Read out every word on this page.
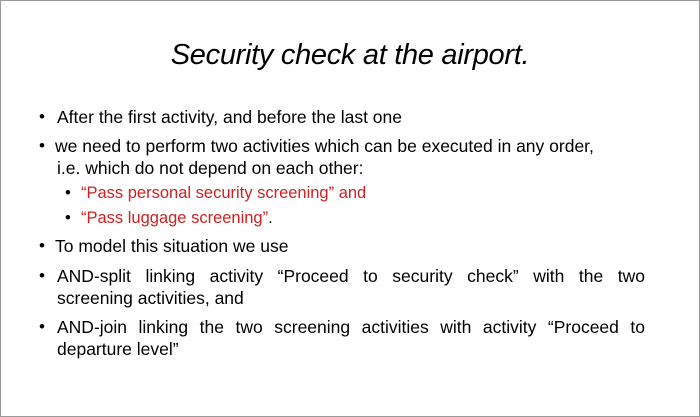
Security check at the airport.
• After the first activity, and before the last one
• we need to perform two activities which can be executed in any order,
i.e. which do not depend on each other:
• “Pass personal security screening” and
• “Pass luggage screening”.
• To model this situation we use
• AND-split linking activity “Proceed to security check” with the two
screening activities, and
• AND-join linking the two screening activities with activity “Proceed to
departure level”
